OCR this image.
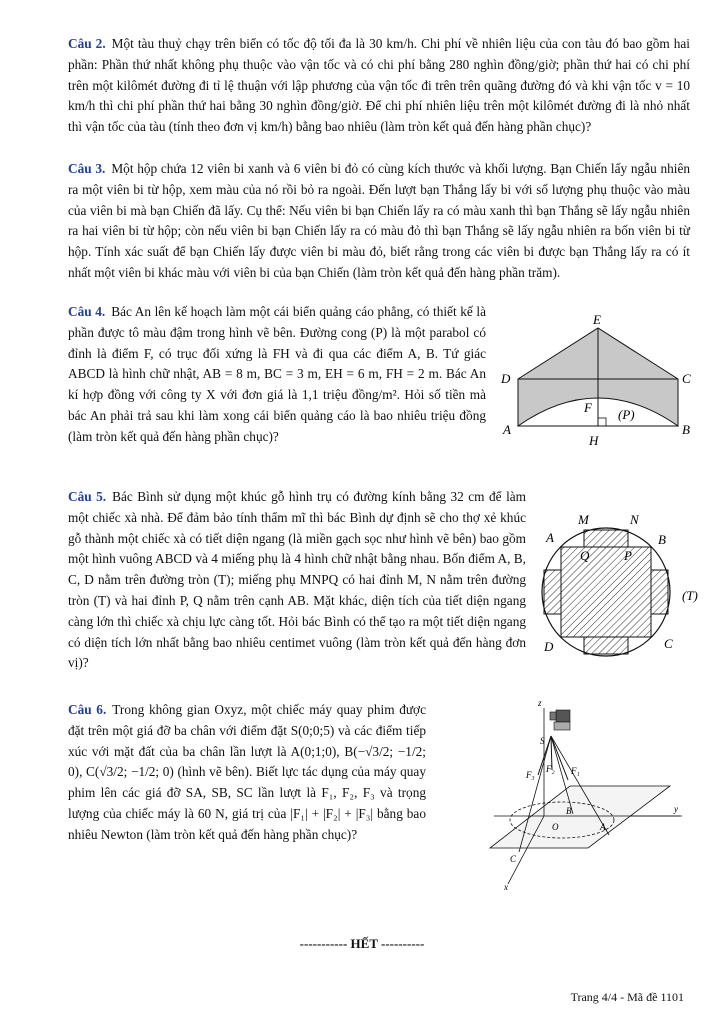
Câu 2. Một tàu thuỷ chạy trên biển có tốc độ tối đa là 30 km/h. Chi phí về nhiên liệu của con tàu đó bao gồm hai phần: Phần thứ nhất không phụ thuộc vào vận tốc và có chi phí bằng 280 nghìn đồng/giờ; phần thứ hai có chi phí trên một kilômét đường đi tỉ lệ thuận với lập phương của vận tốc đi trên trên quãng đường đó và khi vận tốc v = 10 km/h thì chi phí phần thứ hai bằng 30 nghìn đồng/giờ. Để chi phí nhiên liệu trên một kilômét đường đi là nhỏ nhất thì vận tốc của tàu (tính theo đơn vị km/h) bằng bao nhiêu (làm tròn kết quả đến hàng phần chục)?
Câu 3. Một hộp chứa 12 viên bi xanh và 6 viên bi đỏ có cùng kích thước và khối lượng. Bạn Chiến lấy ngẫu nhiên ra một viên bi từ hộp, xem màu của nó rồi bỏ ra ngoài. Đến lượt bạn Thắng lấy bi với số lượng phụ thuộc vào màu của viên bi mà bạn Chiến đã lấy. Cụ thể: Nếu viên bi bạn Chiến lấy ra có màu xanh thì bạn Thắng sẽ lấy ngẫu nhiên ra hai viên bi từ hộp; còn nếu viên bi bạn Chiến lấy ra có màu đỏ thì bạn Thắng sẽ lấy ngẫu nhiên ra bốn viên bi từ hộp. Tính xác suất để bạn Chiến lấy được viên bi màu đỏ, biết rằng trong các viên bi được bạn Thắng lấy ra có ít nhất một viên bi khác màu với viên bi của bạn Chiến (làm tròn kết quả đến hàng phần trăm).
Câu 4. Bác An lên kế hoạch làm một cái biển quảng cáo phẳng, có thiết kế là phần được tô màu đậm trong hình vẽ bên. Đường cong (P) là một parabol có đỉnh là điểm F, có trục đối xứng là FH và đi qua các điểm A, B. Tứ giác ABCD là hình chữ nhật, AB = 8 m, BC = 3 m, EH = 6 m, FH = 2 m. Bác An kí hợp đồng với công ty X với đơn giá là 1,1 triệu đồng/m². Hỏi số tiền mà bác An phải trả sau khi làm xong cái biển quảng cáo là bao nhiêu triệu đồng (làm tròn kết quả đến hàng phần chục)?
Câu 5. Bác Bình sử dụng một khúc gỗ hình trụ có đường kính bằng 32 cm để làm một chiếc xà nhà. Để đảm bảo tính thẩm mĩ thì bác Bình dự định sẽ cho thợ xẻ khúc gỗ thành một chiếc xà có tiết diện ngang (là miền gạch sọc như hình vẽ bên) bao gồm một hình vuông ABCD và 4 miếng phụ là 4 hình chữ nhật bằng nhau. Bốn điểm A, B, C, D nằm trên đường tròn (T); miếng phụ MNPQ có hai đỉnh M, N nằm trên đường tròn (T) và hai đỉnh P, Q nằm trên cạnh AB. Mặt khác, diện tích của tiết diện ngang càng lớn thì chiếc xà chịu lực càng tốt. Hỏi bác Bình có thể tạo ra một tiết diện ngang có diện tích lớn nhất bằng bao nhiêu centimet vuông (làm tròn kết quả đến hàng đơn vị)?
Câu 6. Trong không gian Oxyz, một chiếc máy quay phim được đặt trên một giá đỡ ba chân với điểm đặt S(0;0;5) và các điểm tiếp xúc với mặt đất của ba chân lần lượt là A(0;1;0), B(−√3/2; −1/2; 0), C(√3/2; −1/2; 0) (hình vẽ bên). Biết lực tác dụng của máy quay phim lên các giá đỡ SA, SB, SC lần lượt là F₁, F₂, F₃ và trọng lượng của chiếc máy là 60 N, giá trị của |F₁| + |F₂| + |F₃| bằng bao nhiêu Newton (làm tròn kết quả đến hàng phần chục)?
E
D	C
F (P)
A	B
H
M	N
A	B
Q	P
(T)
D	C
z
S
F₃
F₂ F₁
B
O	A
y
C
x
----------- HẾT ----------
Trang 4/4 - Mã đề 1101
